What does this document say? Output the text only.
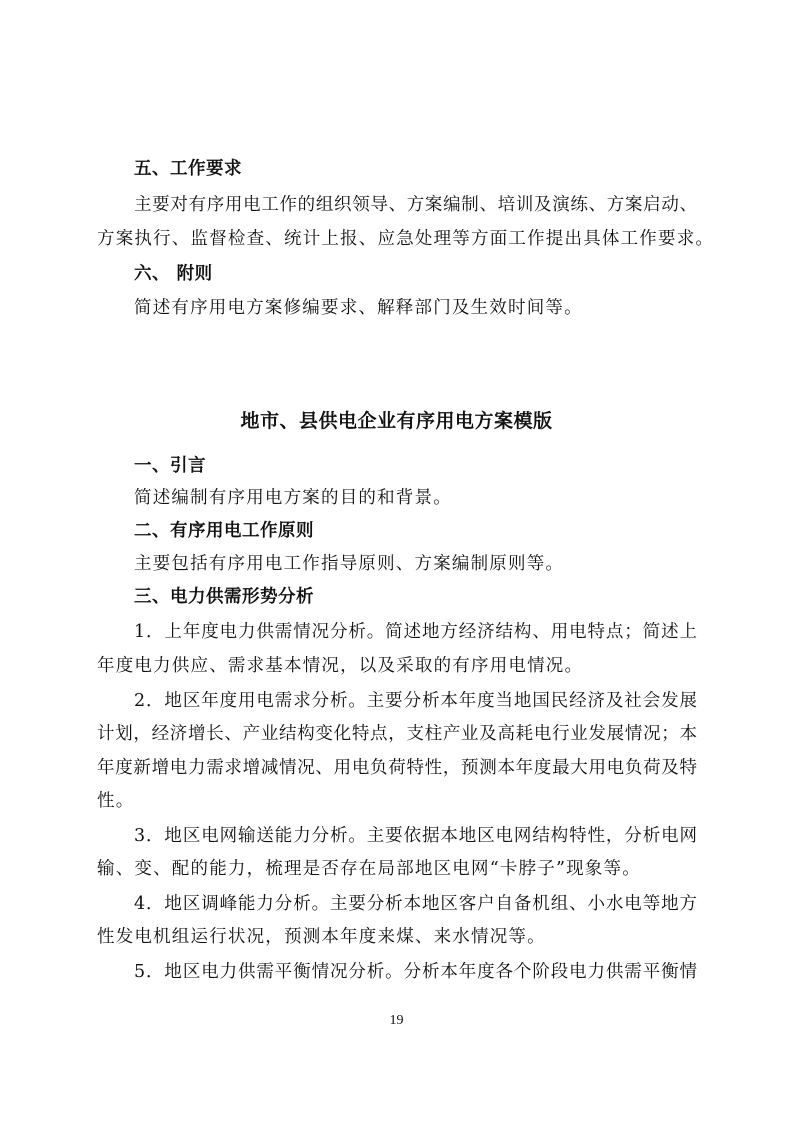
五、工作要求
主要对有序用电工作的组织领导、方案编制、培训及演练、方案启动、
方案执行、监督检查、统计上报、应急处理等方面工作提出具体工作要求。
六、 附则
简述有序用电方案修编要求、解释部门及生效时间等。
地市、县供电企业有序用电方案模版
一、引言
简述编制有序用电方案的目的和背景。
二、有序用电工作原则
主要包括有序用电工作指导原则、方案编制原则等。
三、电力供需形势分析
1．上年度电力供需情况分析。简述地方经济结构、用电特点；简述上
年度电力供应、需求基本情况，以及采取的有序用电情况。
2．地区年度用电需求分析。主要分析本年度当地国民经济及社会发展
计划，经济增长、产业结构变化特点，支柱产业及高耗电行业发展情况；本
年度新增电力需求增减情况、用电负荷特性，预测本年度最大用电负荷及特
性。
3．地区电网输送能力分析。主要依据本地区电网结构特性，分析电网
输、变、配的能力，梳理是否存在局部地区电网“卡脖子”现象等。
4．地区调峰能力分析。主要分析本地区客户自备机组、小水电等地方
性发电机组运行状况，预测本年度来煤、来水情况等。
5．地区电力供需平衡情况分析。分析本年度各个阶段电力供需平衡情
19
